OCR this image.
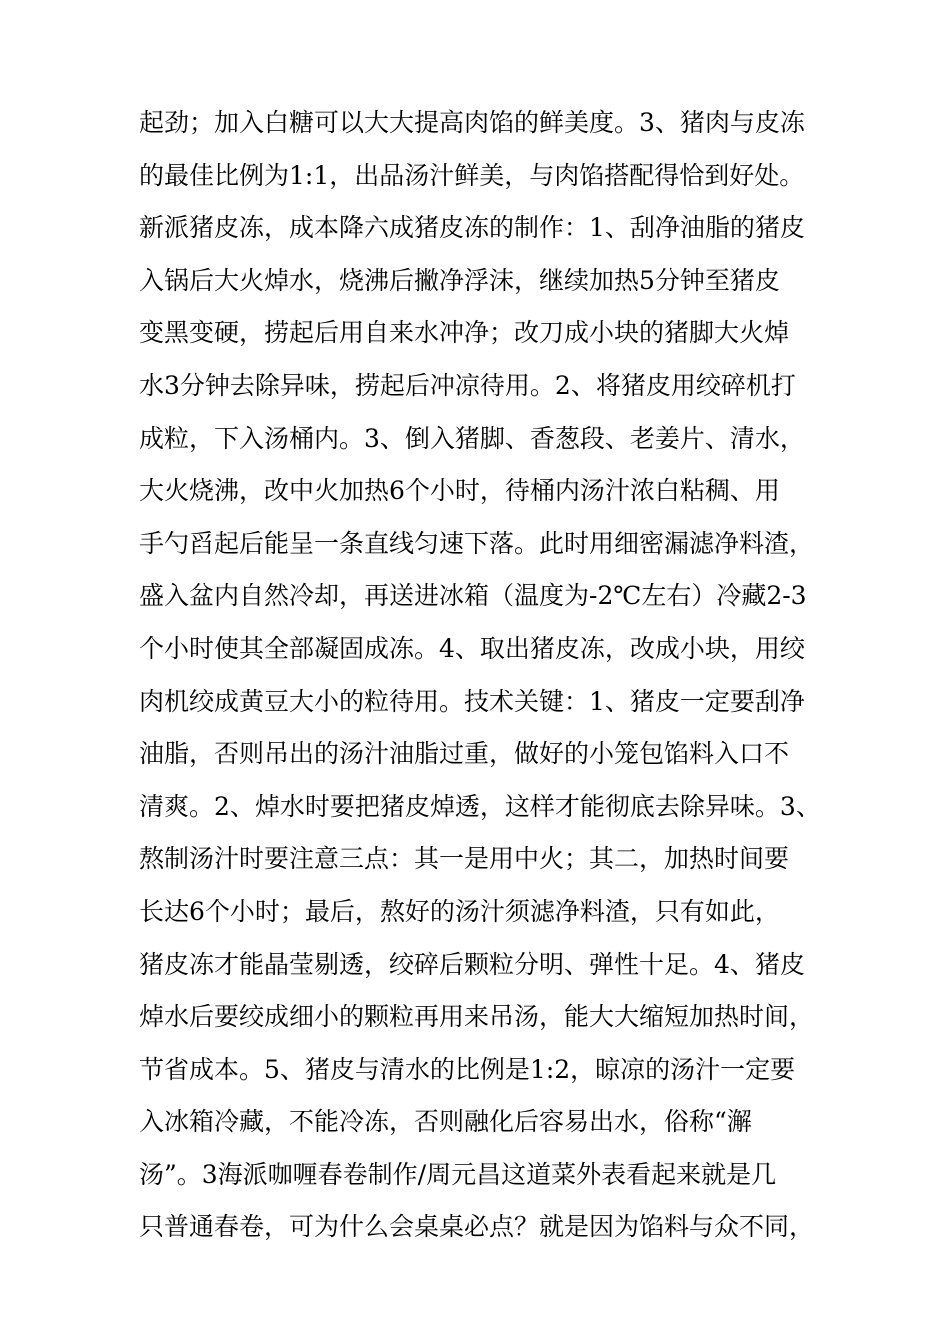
起劲；加入白糖可以大大提高肉馅的鲜美度。3、猪肉与皮冻
的最佳比例为1:1，出品汤汁鲜美，与肉馅搭配得恰到好处。
新派猪皮冻，成本降六成猪皮冻的制作：1、刮净油脂的猪皮
入锅后大火焯水，烧沸后撇净浮沫，继续加热5分钟至猪皮
变黑变硬，捞起后用自来水冲净；改刀成小块的猪脚大火焯
水3分钟去除异味，捞起后冲凉待用。2、将猪皮用绞碎机打
成粒，下入汤桶内。3、倒入猪脚、香葱段、老姜片、清水，
大火烧沸，改中火加热6个小时，待桶内汤汁浓白粘稠、用
手勺舀起后能呈一条直线匀速下落。此时用细密漏滤净料渣，
盛入盆内自然冷却，再送进冰箱（温度为-2℃左右）冷藏2-3
个小时使其全部凝固成冻。4、取出猪皮冻，改成小块，用绞
肉机绞成黄豆大小的粒待用。技术关键：1、猪皮一定要刮净
油脂，否则吊出的汤汁油脂过重，做好的小笼包馅料入口不
清爽。2、焯水时要把猪皮焯透，这样才能彻底去除异味。3、
熬制汤汁时要注意三点：其一是用中火；其二，加热时间要
长达6个小时；最后，熬好的汤汁须滤净料渣，只有如此，
猪皮冻才能晶莹剔透，绞碎后颗粒分明、弹性十足。4、猪皮
焯水后要绞成细小的颗粒再用来吊汤，能大大缩短加热时间，
节省成本。5、猪皮与清水的比例是1:2，晾凉的汤汁一定要
入冰箱冷藏，不能冷冻，否则融化后容易出水，俗称“澥
汤”。3海派咖喱春卷制作/周元昌这道菜外表看起来就是几
只普通春卷，可为什么会桌桌必点？就是因为馅料与众不同，
